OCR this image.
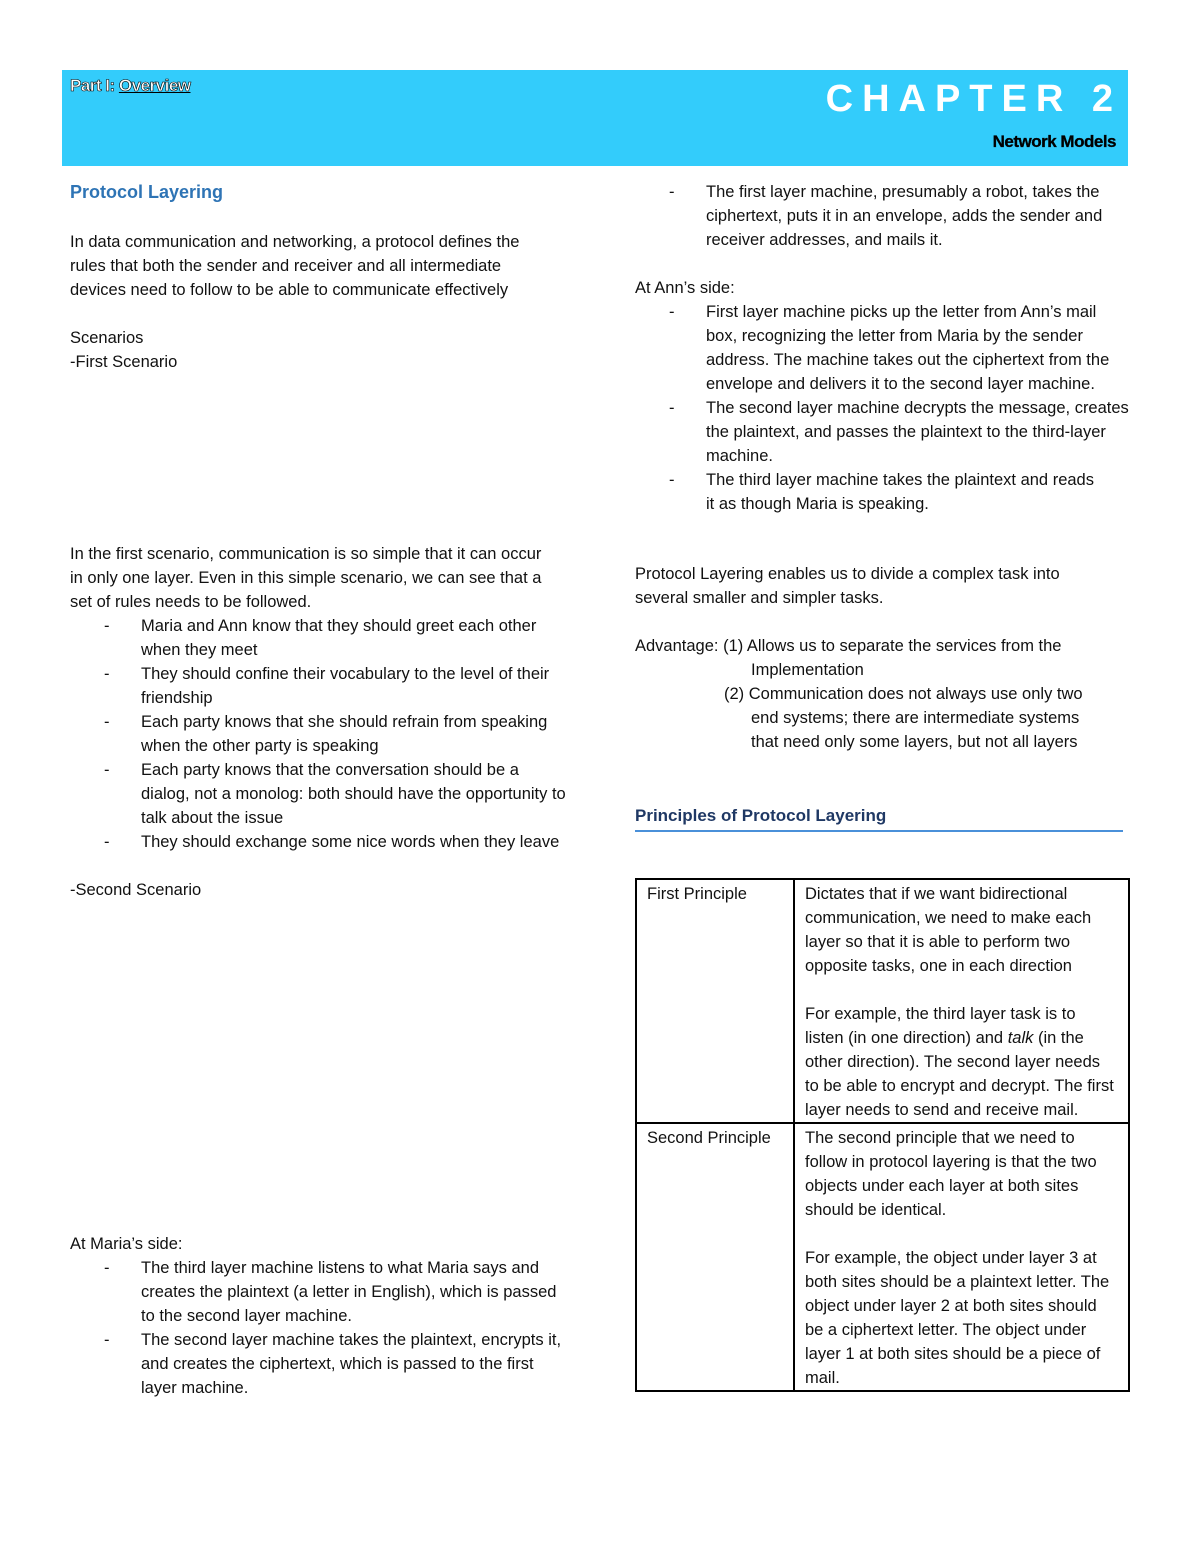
Part I: Overview	CHAPTER 2
Network Models

Protocol Layering

In data communication and networking, a protocol defines the rules that both the sender and receiver and all intermediate devices need to follow to be able to communicate effectively

Scenarios

-First Scenario

In the first scenario, communication is so simple that it can occur in only one layer. Even in this simple scenario, we can see that a set of rules needs to be followed.

- Maria and Ann know that they should greet each other when they meet
- They should confine their vocabulary to the level of their friendship
- Each party knows that she should refrain from speaking when the other party is speaking
- Each party knows that the conversation should be a dialog, not a monolog: both should have the opportunity to talk about the issue
- They should exchange some nice words when they leave

-Second Scenario

At Maria’s side:

- The third layer machine listens to what Maria says and creates the plaintext (a letter in English), which is passed to the second layer machine.
- The second layer machine takes the plaintext, encrypts it, and creates the ciphertext, which is passed to the first layer machine.
- The first layer machine, presumably a robot, takes the ciphertext, puts it in an envelope, adds the sender and receiver addresses, and mails it.

At Ann’s side:

- First layer machine picks up the letter from Ann’s mail box, recognizing the letter from Maria by the sender address. The machine takes out the ciphertext from the envelope and delivers it to the second layer machine.
- The second layer machine decrypts the message, creates the plaintext, and passes the plaintext to the third-layer machine.
- The third layer machine takes the plaintext and reads it as though Maria is speaking.

Protocol Layering enables us to divide a complex task into several smaller and simpler tasks.

Advantage: (1) Allows us to separate the services from the

Implementation

(2) Communication does not always use only two

end systems; there are intermediate systems

that need only some layers, but not all layers

Principles of Protocol Layering

First Principle	Dictates that if we want bidirectional communication, we need to make each layer so that it is able to perform two opposite tasks, one in each direction

For example, the third layer task is to listen (in one direction) and talk (in the other direction). The second layer needs to be able to encrypt and decrypt. The first layer needs to send and receive mail.

Second Principle	The second principle that we need to follow in protocol layering is that the two objects under each layer at both sites should be identical.

For example, the object under layer 3 at both sites should be a plaintext letter. The object under layer 2 at both sites should be a ciphertext letter. The object under layer 1 at both sites should be a piece of mail.
